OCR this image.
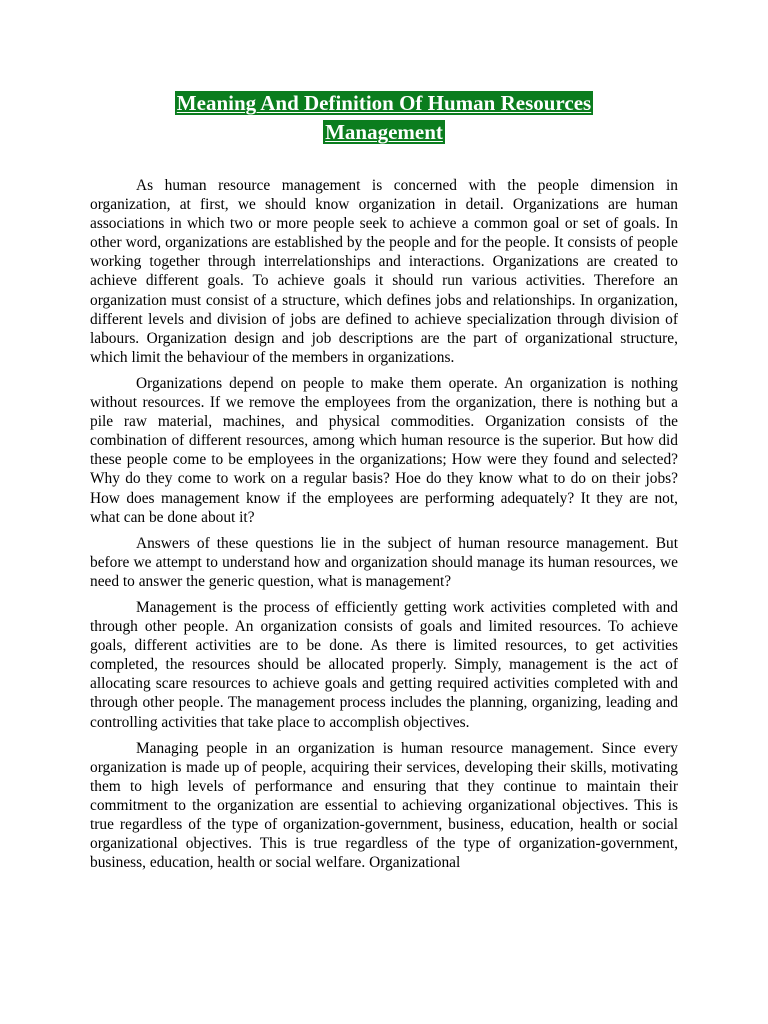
Meaning And Definition Of Human Resources
Management

As human resource management is concerned with the people dimension in organization, at first, we should know organization in detail. Organizations are human associations in which two or more people seek to achieve a common goal or set of goals. In other word, organizations are established by the people and for the people. It consists of people working together through interrelationships and interactions. Organizations are created to achieve different goals. To achieve goals it should run various activities. Therefore an organization must consist of a structure, which defines jobs and relationships. In organization, different levels and division of jobs are defined to achieve specialization through division of labours. Organization design and job descriptions are the part of organizational structure, which limit the behaviour of the members in organizations.

Organizations depend on people to make them operate. An organization is nothing without resources. If we remove the employees from the organization, there is nothing but a pile raw material, machines, and physical commodities. Organization consists of the combination of different resources, among which human resource is the superior. But how did these people come to be employees in the organizations; How were they found and selected? Why do they come to work on a regular basis? Hoe do they know what to do on their jobs? How does management know if the employees are performing adequately? It they are not, what can be done about it?

Answers of these questions lie in the subject of human resource management. But before we attempt to understand how and organization should manage its human resources, we need to answer the generic question, what is management?

Management is the process of efficiently getting work activities completed with and through other people. An organization consists of goals and limited resources. To achieve goals, different activities are to be done. As there is limited resources, to get activities completed, the resources should be allocated properly. Simply, management is the act of allocating scare resources to achieve goals and getting required activities completed with and through other people. The management process includes the planning, organizing, leading and controlling activities that take place to accomplish objectives.

Managing people in an organization is human resource management. Since every organization is made up of people, acquiring their services, developing their skills, motivating them to high levels of performance and ensuring that they continue to maintain their commitment to the organization are essential to achieving organizational objectives. This is true regardless of the type of organization-government, business, education, health or social organizational objectives. This is true regardless of the type of organization-government, business, education, health or social welfare. Organizational
